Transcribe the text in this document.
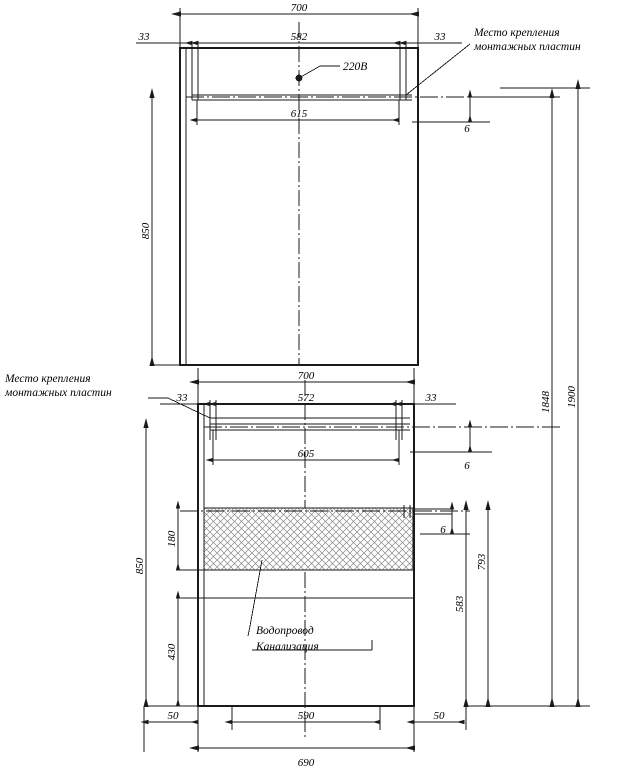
700
33	582	33
615
6
850
220В
Место крепления
монтажных пластин
Место крепления
монтажных пластин
700
33	572	33
605
6
6
850
180
430
793
583
1848 1900
Водопровод
Канализация
50	590	50
690
